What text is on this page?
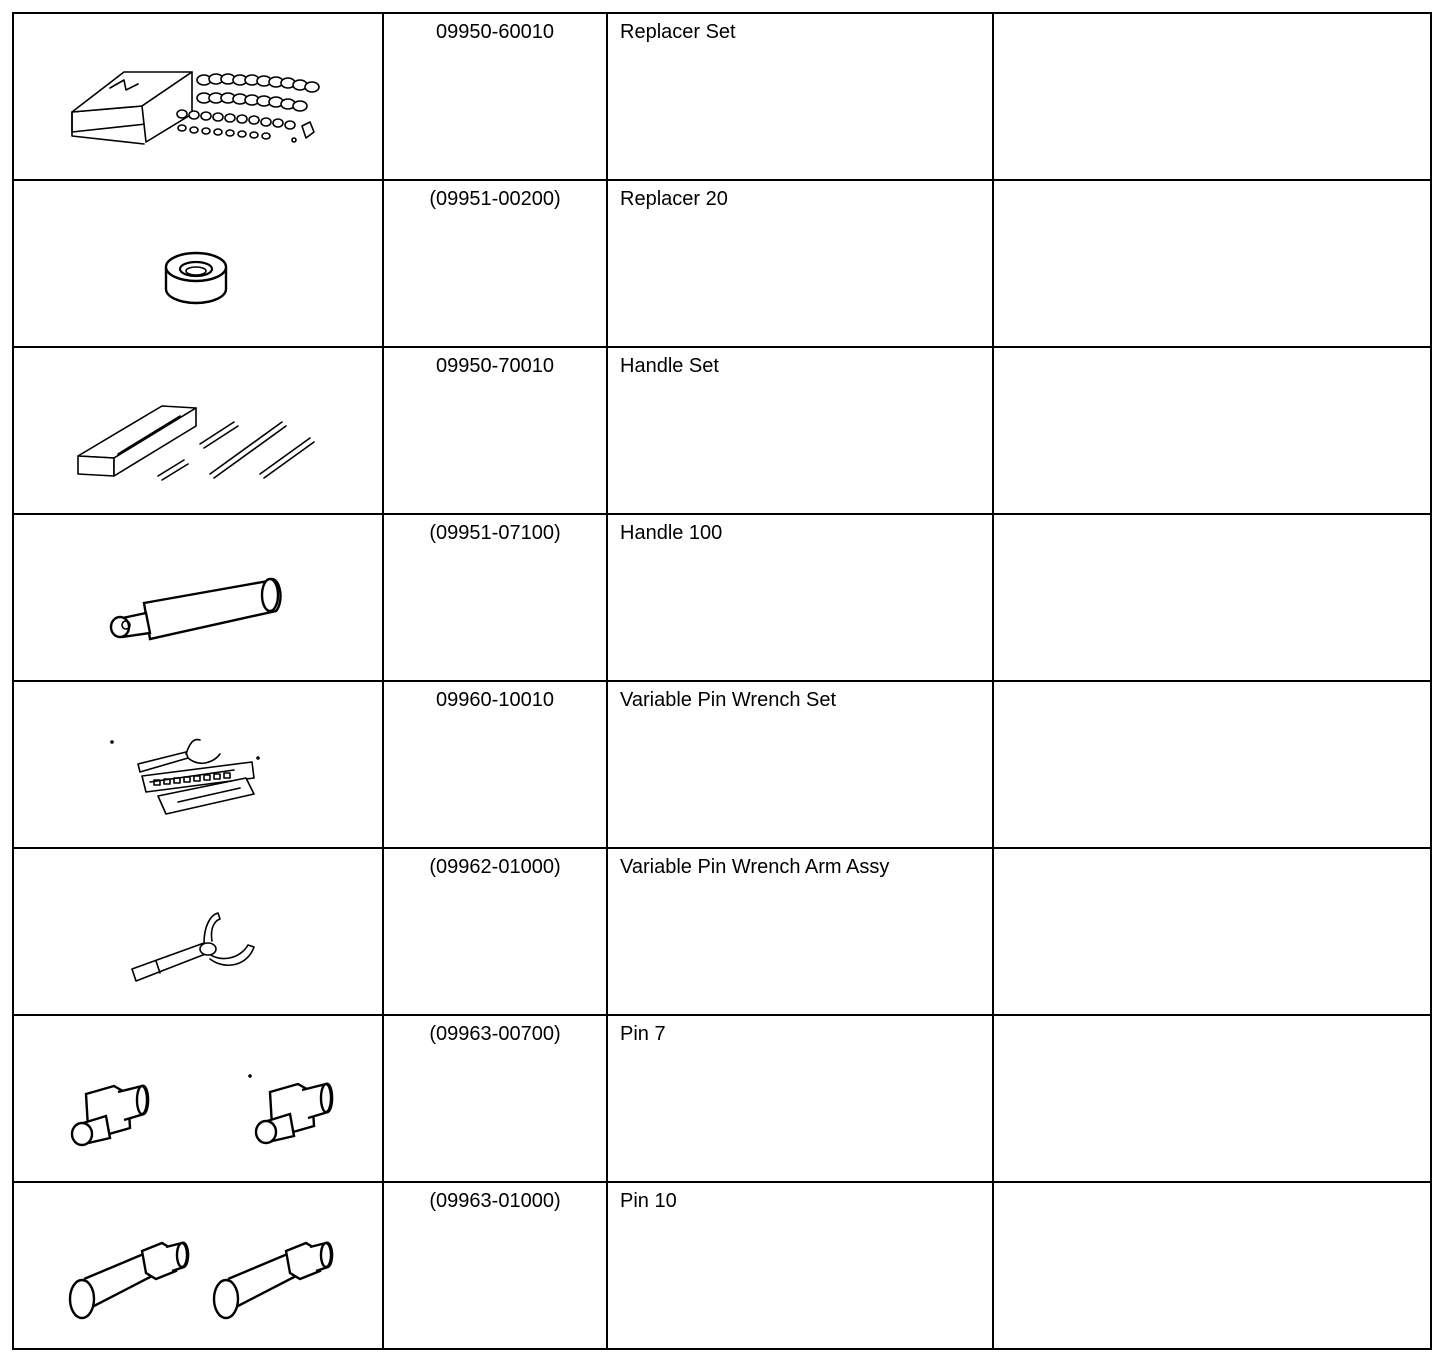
	09950-60010	Replacer Set	

	(09951-00200)	Replacer 20	

	09950-70010	Handle Set	

	(09951-07100)	Handle 100	

	09960-10010	Variable Pin Wrench Set	

	(09962-01000)	Variable Pin Wrench Arm Assy	

	(09963-00700)	Pin 7	

	(09963-01000)	Pin 10	
